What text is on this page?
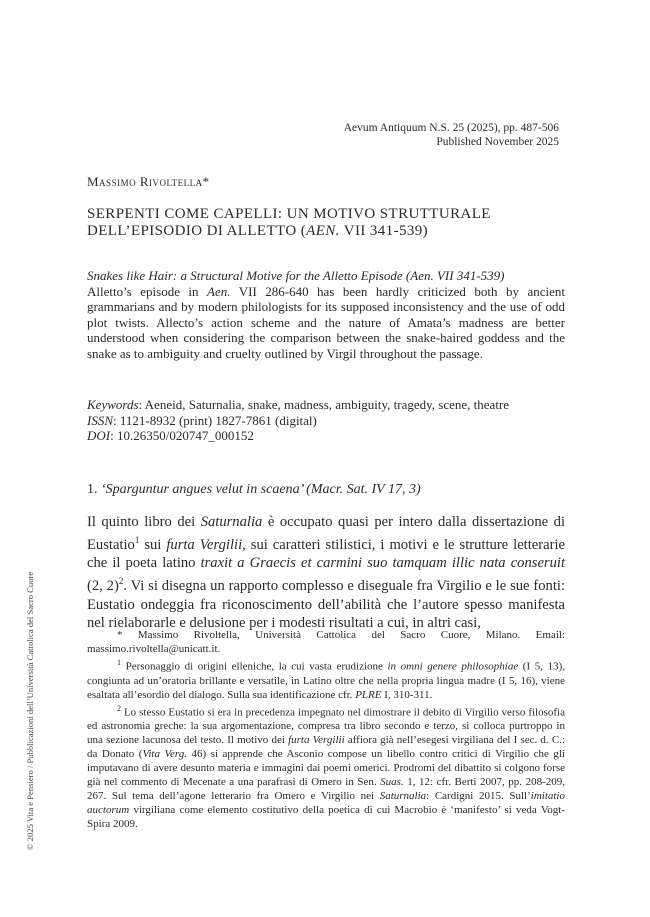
Aevum Antiquum N.S. 25 (2025), pp. 487-506
Published November 2025
Massimo Rivoltella*
SERPENTI COME CAPELLI: UN MOTIVO STRUTTURALE
DELL’EPISODIO DI ALLETTO (AEN. VII 341-539)
Snakes like Hair: a Structural Motive for the Alletto Episode (Aen. VII 341-539)
Alletto’s episode in Aen. VII 286-640 has been hardly criticized both by ancient grammarians and by modern philologists for its supposed inconsistency and the use of odd plot twists. Allecto’s action scheme and the nature of Amata’s madness are better understood when considering the comparison between the snake-haired goddess and the snake as to ambiguity and cruelty outlined by Virgil throughout the passage.
Keywords: Aeneid, Saturnalia, snake, madness, ambiguity, tragedy, scene, theatre
ISSN: 1121-8932 (print) 1827-7861 (digital)
DOI: 10.26350/020747_000152
1. ‘Sparguntur angues velut in scaena’ (Macr. Sat. IV 17, 3)
Il quinto libro dei Saturnalia è occupato quasi per intero dalla dissertazione di Eustatio$^1$ sui furta Vergilii, sui caratteri stilistici, i motivi e le strutture letterarie che il poeta latino traxit a Graecis et carmini suo tamquam illic nata conseruit (2, 2)$^2$. Vi si disegna un rapporto complesso e diseguale fra Virgilio e le sue fonti: Eustatio ondeggia fra riconoscimento dell’abilità che l’autore spesso manifesta nel rielaborarle e delusione per i modesti risultati a cui, in altri casi,

* Massimo Rivoltella, Università Cattolica del Sacro Cuore, Milano. Email: massimo.rivoltella@unicatt.it.

$^1$ Personaggio di origini elleniche, la cui vasta erudizione in omni genere philosophiae (I 5, 13), congiunta ad un’oratoria brillante e versatile, in Latino oltre che nella propria lingua madre (I 5, 16), viene esaltata all’esordio del dialogo. Sulla sua identificazione cfr. PLRE I, 310-311.

$^2$ Lo stesso Eustatio si era in precedenza impegnato nel dimostrare il debito di Virgilio verso filosofia ed astronomia greche: la sua argomentazione, compresa tra libro secondo e terzo, si colloca purtroppo in una sezione lacunosa del testo. Il motivo dei furta Vergilii affiora già nell’esegesi virgiliana del I sec. d. C.: da Donato (Vita Verg. 46) si apprende che Asconio compose un libello contro critici di Virgilio che gli imputavano di avere desunto materia e immagini dai poemi omerici. Prodromi del dibattito si colgono forse già nel commento di Mecenate a una parafrasi di Omero in Sen. Suas. 1, 12: cfr. Berti 2007, pp. 208-209, 267. Sul tema dell’agone letterario fra Omero e Virgilio nei Saturnalia: Cardigni 2015. Sull’imitatio auctorum virgiliana come elemento costitutivo della poetica di cui Macrobio è ‘manifesto’ si veda Vogt-Spira 2009.

© 2025 Vita e Pensiero / Pubblicazioni dell’Università Cattolica del Sacro Cuore
